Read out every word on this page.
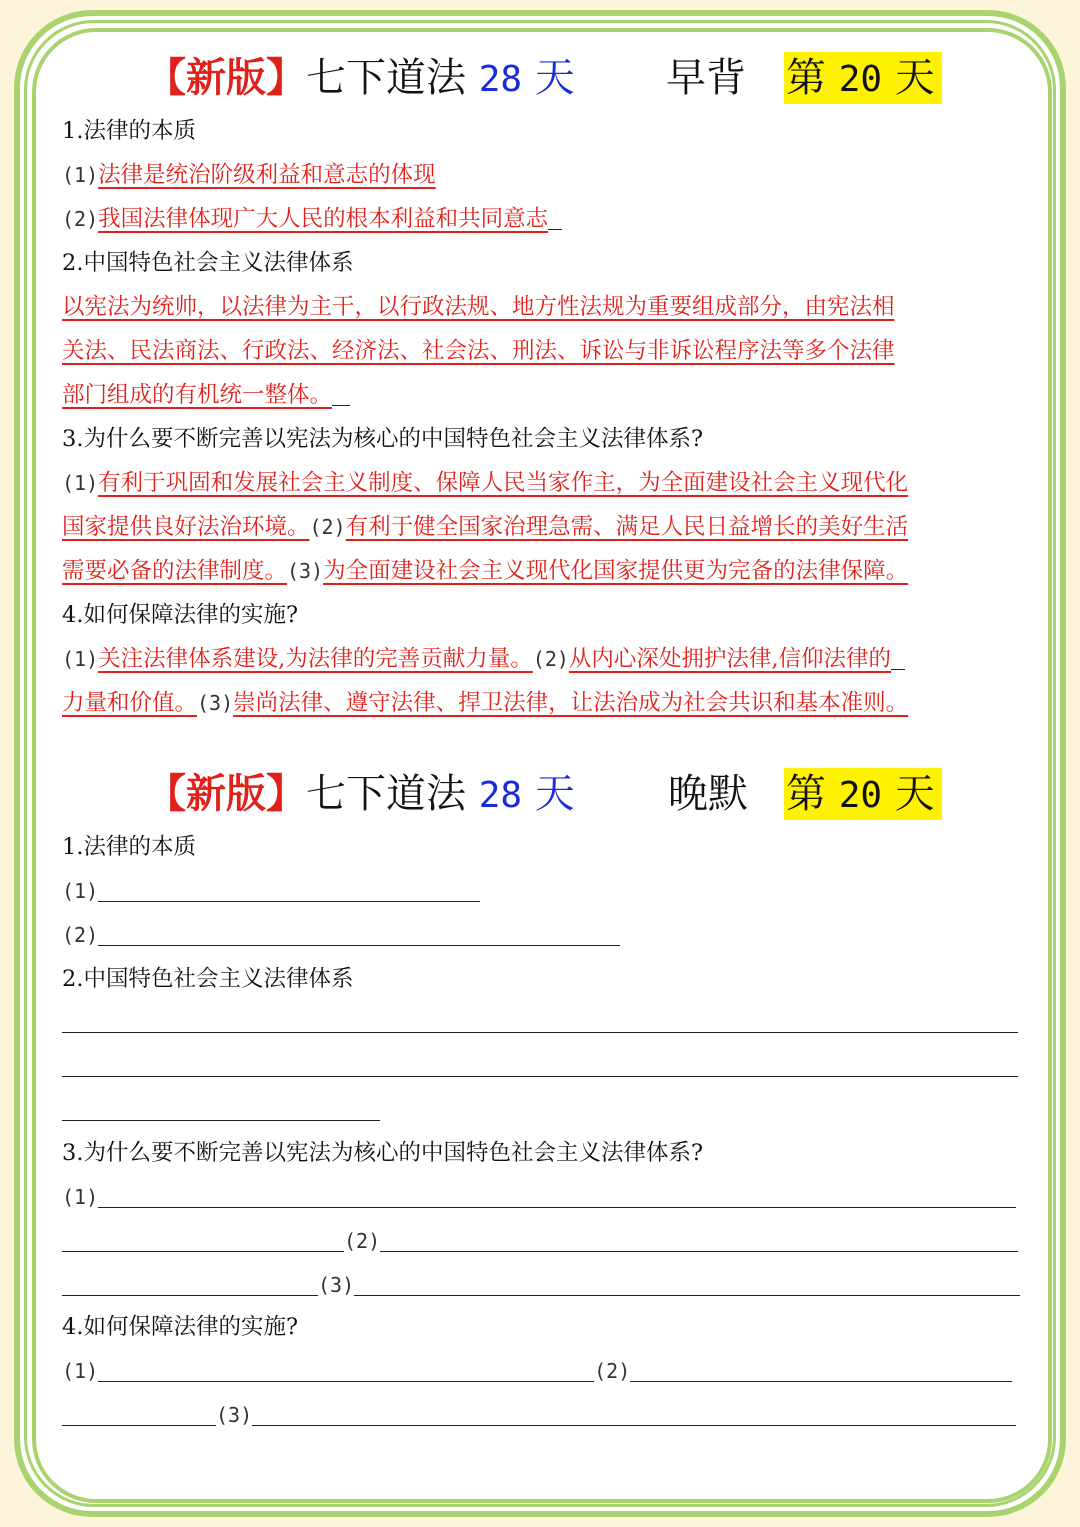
【新版】七下道法 28 天 早背 第 20 天
1.法律的本质
(1)法律是统治阶级利益和意志的体现
(2)我国法律体现广大人民的根本利益和共同意志
2.中国特色社会主义法律体系
以宪法为统帅，以法律为主干，以行政法规、地方性法规为重要组成部分，由宪法相
关法、民法商法、行政法、经济法、社会法、刑法、诉讼与非诉讼程序法等多个法律
部门组成的有机统一整体。
3.为什么要不断完善以宪法为核心的中国特色社会主义法律体系?
(1)有利于巩固和发展社会主义制度、保障人民当家作主，为全面建设社会主义现代化
国家提供良好法治环境。(2)有利于健全国家治理急需、满足人民日益增长的美好生活
需要必备的法律制度。(3)为全面建设社会主义现代化国家提供更为完备的法律保障。
4.如何保障法律的实施?
(1)关注法律体系建设,为法律的完善贡献力量。(2)从内心深处拥护法律,信仰法律的
力量和价值。(3)崇尚法律、遵守法律、捍卫法律，让法治成为社会共识和基本准则。
【新版】七下道法 28 天 晚默 第 20 天
1.法律的本质
(1)
(2)
2.中国特色社会主义法律体系
3.为什么要不断完善以宪法为核心的中国特色社会主义法律体系?
(1)
(2)
(3)
4.如何保障法律的实施?
(1)	(2)
(3)
